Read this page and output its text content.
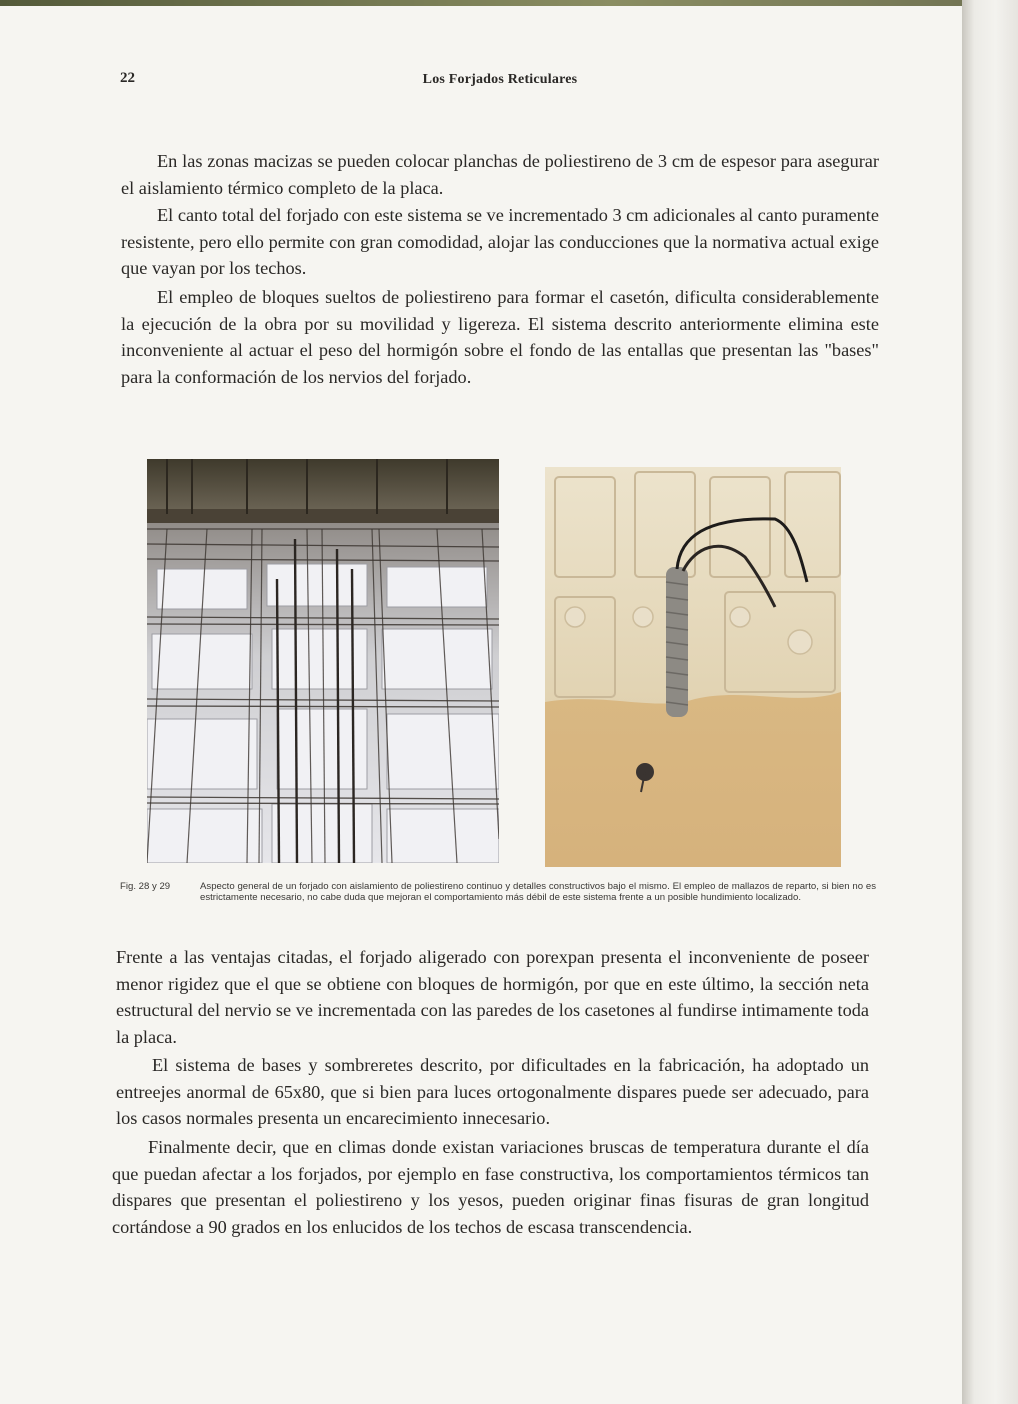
22	Los Forjados Reticulares

En las zonas macizas se pueden colocar planchas de poliestireno de 3 cm de espesor para asegurar el aislamiento térmico completo de la placa.

El canto total del forjado con este sistema se ve incrementado 3 cm adicionales al canto puramente resistente, pero ello permite con gran comodidad, alojar las conducciones que la normativa actual exige que vayan por los techos.

El empleo de bloques sueltos de poliestireno para formar el casetón, dificulta considerablemente la ejecución de la obra por su movilidad y ligereza. El sistema descrito anteriormente elimina este inconveniente al actuar el peso del hormigón sobre el fondo de las entallas que presentan las "bases" para la conformación de los nervios del forjado.

Fig. 28 y 29	Aspecto general de un forjado con aislamiento de poliestireno continuo y detalles constructivos bajo el mismo. El empleo de mallazos de reparto, si bien no es estrictamente necesario, no cabe duda que mejoran el comportamiento más débil de este sistema frente a un posible hundimiento localizado.

Frente a las ventajas citadas, el forjado aligerado con porexpan presenta el inconveniente de poseer menor rigidez que el que se obtiene con bloques de hormigón, por que en este último, la sección neta estructural del nervio se ve incrementada con las paredes de los casetones al fundirse intimamente toda la placa.

El sistema de bases y sombreretes descrito, por dificultades en la fabricación, ha adoptado un entreejes anormal de 65x80, que si bien para luces ortogonalmente dispares puede ser adecuado, para los casos normales presenta un encarecimiento innecesario.

Finalmente decir, que en climas donde existan variaciones bruscas de temperatura durante el día que puedan afectar a los forjados, por ejemplo en fase constructiva, los comportamientos térmicos tan dispares que presentan el poliestireno y los yesos, pueden originar finas fisuras de gran longitud cortándose a 90 grados en los enlucidos de los techos de escasa transcendencia.
